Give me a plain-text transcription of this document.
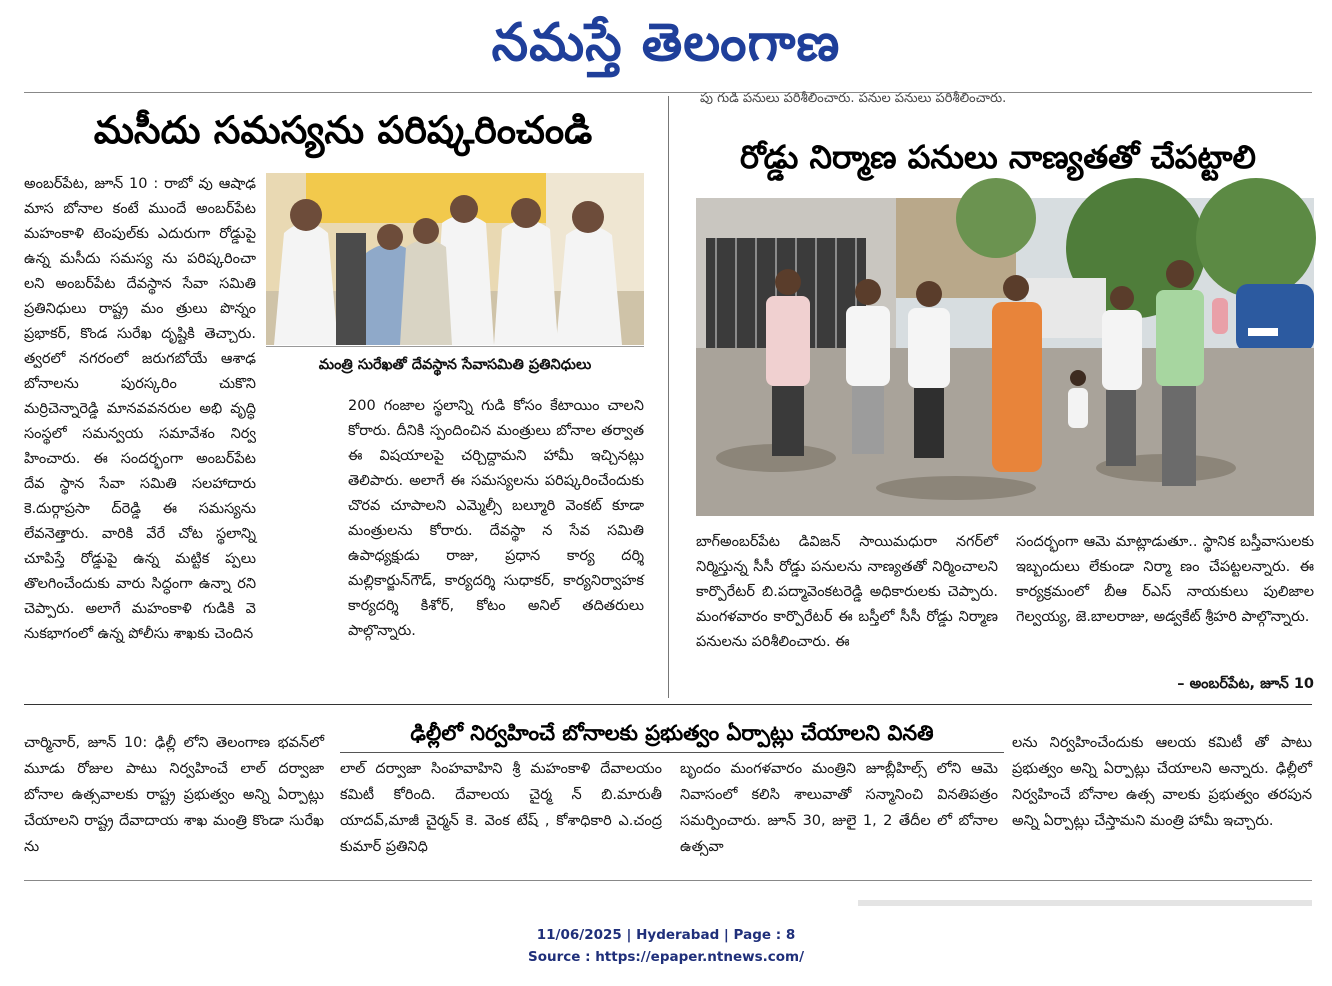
నమస్తే తెలంగాణ
మసీదు సమస్యను పరిష్కరించండి

అంబర్‌పేట, జూన్ 10 : రాబో వు ఆషాఢ మాస బోనాల కంటే ముందే అంబర్‌పేట మహంకాళి టెంపుల్‌కు ఎదురుగా రోడ్డుపై ఉన్న మసీదు సమస్య ను పరిష్కరించా లని అంబర్‌పేట దేవస్థాన సేవా సమితి ప్రతినిధులు రాష్ట్ర మం త్రులు పొన్నం ప్రభాకర్, కొండ సురేఖ దృష్టికి తెచ్చారు. త్వరలో నగరంలో జరుగబోయే ఆశాఢ బోనాలను పురస్కరిం చుకొని మర్రిచెన్నారెడ్డి మానవవనరుల అభి వృద్ధి సంస్థలో సమన్వయ సమావేశం నిర్వ హించారు. ఈ సందర్భంగా అంబర్‌పేట దేవ స్థాన సేవా సమితి సలహాదారు కె.దుర్గాప్రసా ద్‌రెడ్డి ఈ సమస్యను లేవనెత్తారు. వారికి వేరే చోట స్థలాన్ని చూపిస్తే రోడ్డుపై ఉన్న మట్టిక ప్పలు తొలగించేందుకు వారు సిద్ధంగా ఉన్నా రని చెప్పారు. అలాగే మహంకాళి గుడికి వె నుకభాగంలో ఉన్న పోలీసు శాఖకు చెందిన

మంత్రి సురేఖతో దేవస్థాన సేవాసమితి ప్రతినిధులు

200 గంజాల స్థలాన్ని గుడి కోసం కేటాయిం చాలని కోరారు. దీనికి స్పందించిన మంత్రులు బోనాల తర్వాత ఈ విషయాలపై చర్చిద్దామని హామీ ఇచ్చినట్లు తెలిపారు. అలాగే ఈ సమస్యలను పరిష్కరించేందుకు చొరవ చూపాలని ఎమ్మెల్సీ బల్మూరి వెంకట్ కూడా మంత్రులను కోరారు. దేవస్థా న సేవ సమితి ఉపాధ్యక్షుడు రాజు, ప్రధాన కార్య దర్శి మల్లికార్జున్‌గౌడ్, కార్యదర్శి సుధాకర్, కార్యనిర్వాహక కార్యదర్శి కిశోర్, కోటం అనిల్ తదితరులు పాల్గొన్నారు.

పు గుడి పనులు పరిశీలించారు. పనుల పనులు పరిశీలించారు.

రోడ్డు నిర్మాణ పనులు నాణ్యతతో చేపట్టాలి

బాగ్‌అంబర్‌పేట డివిజన్ సాయిమధురా నగర్‌లో నిర్మిస్తున్న సీసీ రోడ్డు పనులను నాణ్యతతో నిర్మించాలని కార్పొరేటర్ బి.పద్మావెంకటరెడ్డి అధికారులకు చెప్పారు. మంగళవారం కార్పొరేటర్ ఈ బస్తీలో సీసీ రోడ్డు నిర్మాణ పనులను పరిశీలించారు. ఈ

సందర్భంగా ఆమె మాట్లాడుతూ.. స్థానిక బస్తీవాసులకు ఇబ్బందులు లేకుండా నిర్మా ణం చేపట్టలన్నారు. ఈ కార్యక్రమంలో బీఆ ర్‌ఎస్ నాయకులు పులిజాల గెల్వయ్య, జె.బాలరాజు, అడ్వకేట్ శ్రీహరి పాల్గొన్నారు.

– అంబర్‌పేట, జూన్ 10
ఢిల్లీలో నిర్వహించే బోనాలకు ప్రభుత్వం ఏర్పాట్లు చేయాలని వినతి

చార్మినార్, జూన్ 10: ఢిల్లీ లోని తెలంగాణ భవన్‌లో మూడు రోజుల పాటు నిర్వహించే లాల్ దర్వాజా బోనాల ఉత్సవాలకు రాష్ట్ర ప్రభుత్వం అన్ని ఏర్పాట్లు చేయాలని రాష్ట్ర దేవాదాయ శాఖ మంత్రి కొండా సురేఖ ను

లాల్ దర్వాజా సింహవాహిని శ్రీ మహంకాళి దేవాలయం కమిటీ కోరింది. దేవాలయ చైర్మ న్ బి.మారుతీ యాదవ్,మాజీ చైర్మన్ కె. వెంక టేష్ , కోశాధికారి ఎ.చంద్ర కుమార్ ప్రతినిధి

బృందం మంగళవారం మంత్రిని జూబ్లీహిల్స్ లోని ఆమె నివాసంలో కలిసి శాలువాతో సన్మానించి వినతిపత్రం సమర్పించారు. జూన్ 30, జులై 1, 2 తేదీల లో బోనాల ఉత్సవా

లను నిర్వహించేందుకు ఆలయ కమిటీ తో పాటు ప్రభుత్వం అన్ని ఏర్పాట్లు చేయాలని అన్నారు. ఢిల్లీలో నిర్వహించే బోనాల ఉత్స వాలకు ప్రభుత్వం తరపున అన్ని ఏర్పాట్లు చేస్తామని మంత్రి హామీ ఇచ్చారు.

11/06/2025 | Hyderabad | Page : 8
Source : https://epaper.ntnews.com/
